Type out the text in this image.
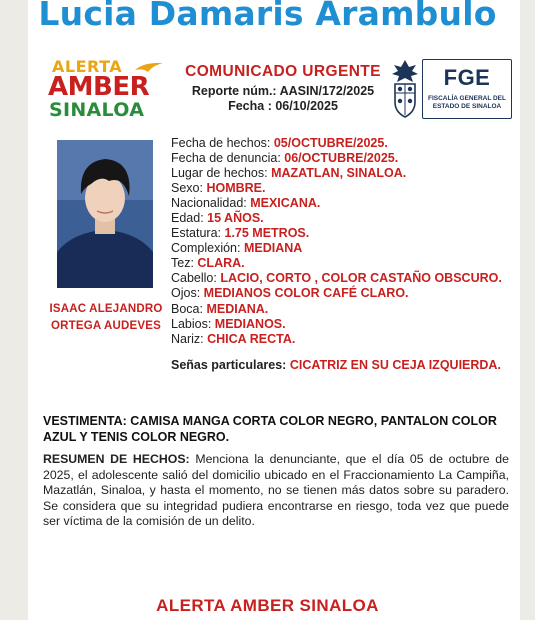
Lucia Damaris Arambulo
ALERTA
AMBER
SINALOA
COMUNICADO URGENTE
Reporte núm.: AASIN/172/2025
Fecha : 06/10/2025
FGE
FISCALÍA GENERAL DEL
ESTADO DE SINALOA
ISAAC ALEJANDRO
ORTEGA AUDEVES
Fecha de hechos: 05/OCTUBRE/2025.
Fecha de denuncia: 06/OCTUBRE/2025.
Lugar de hechos: MAZATLAN, SINALOA.
Sexo: HOMBRE.
Nacionalidad: MEXICANA.
Edad: 15 AÑOS.
Estatura: 1.75 METROS.
Complexión: MEDIANA
Tez: CLARA.
Cabello: LACIO, CORTO , COLOR CASTAÑO OBSCURO.
Ojos: MEDIANOS COLOR CAFÉ CLARO.
Boca: MEDIANA.
Labios: MEDIANOS.
Nariz: CHICA RECTA.
Señas particulares: CICATRIZ EN SU CEJA IZQUIERDA.
VESTIMENTA: CAMISA MANGA CORTA COLOR NEGRO, PANTALON COLOR AZUL Y TENIS COLOR NEGRO.
RESUMEN DE HECHOS: Menciona la denunciante, que el día 05 de octubre de 2025, el adolescente salió del domicilio ubicado en el Fraccionamiento La Campiña, Mazatlán, Sinaloa, y hasta el momento, no se tienen más datos sobre su paradero. Se considera que su integridad pudiera encontrarse en riesgo, toda vez que puede ser víctima de la comisión de un delito.
ALERTA AMBER SINALOA
